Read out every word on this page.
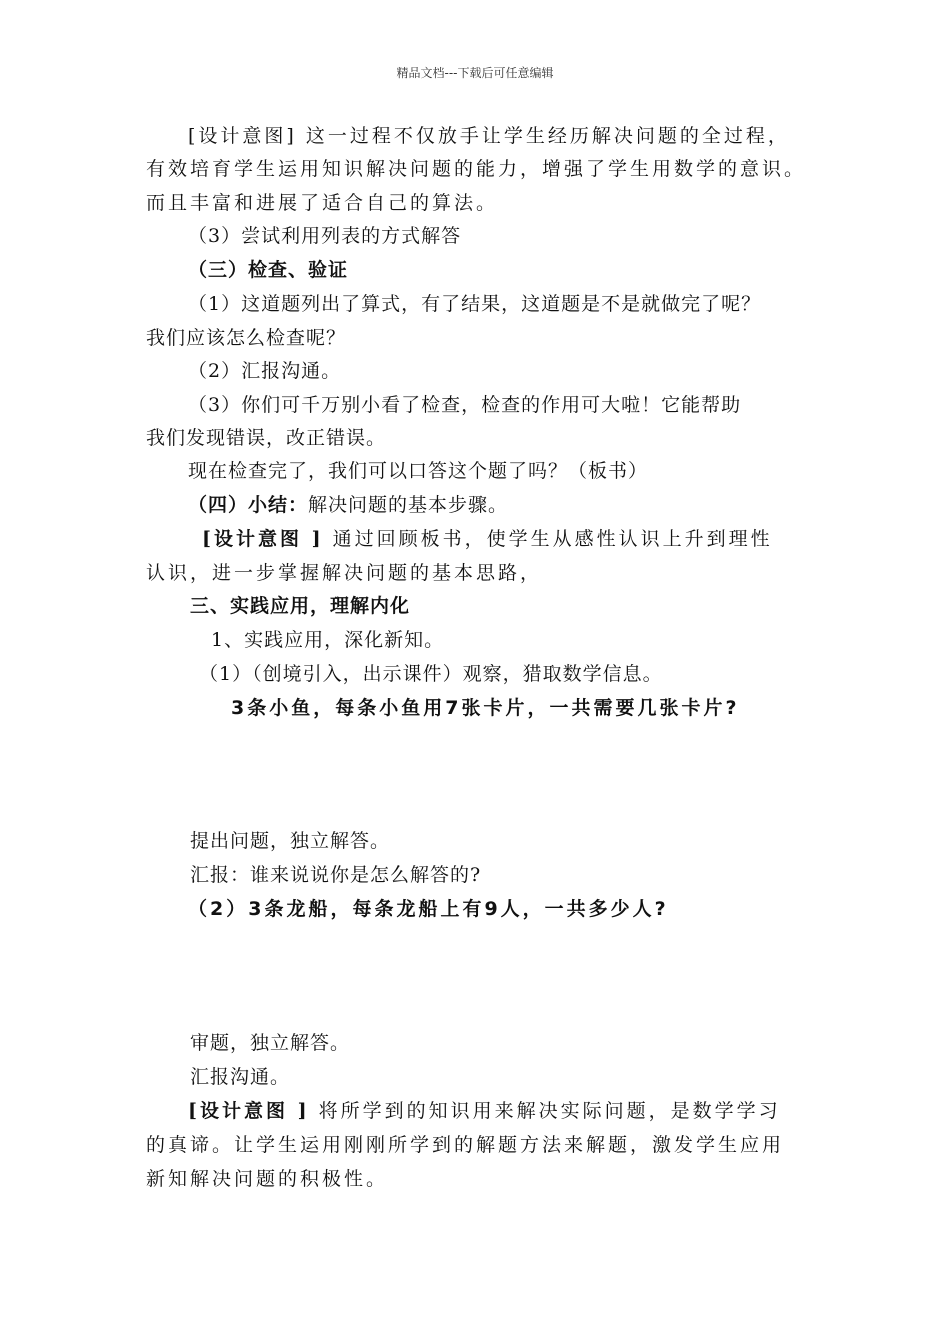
精品文档---下载后可任意编辑
[设计意图] 这一过程不仅放手让学生经历解决问题的全过程，
有效培育学生运用知识解决问题的能力，增强了学生用数学的意识。
而且丰富和进展了适合自己的算法。
（3）尝试利用列表的方式解答
（三）检查、验证
（1）这道题列出了算式，有了结果，这道题是不是就做完了呢？
我们应该怎么检查呢？
（2）汇报沟通。
（3）你们可千万别小看了检查，检查的作用可大啦！它能帮助
我们发现错误，改正错误。
现在检查完了，我们可以口答这个题了吗？（板书）
（四）小结：解决问题的基本步骤。
[设计意图 ] 通过回顾板书，使学生从感性认识上升到理性
认识，进一步掌握解决问题的基本思路，
三、实践应用，理解内化
1、实践应用，深化新知。
（1）（创境引入，出示课件）观察，猎取数学信息。
3条小鱼，每条小鱼用7张卡片，一共需要几张卡片?
提出问题，独立解答。
汇报：谁来说说你是怎么解答的?
（2）3条龙船，每条龙船上有9人，一共多少人?
审题，独立解答。
汇报沟通。
[设计意图 ] 将所学到的知识用来解决实际问题，是数学学习
的真谛。让学生运用刚刚所学到的解题方法来解题，激发学生应用
新知解决问题的积极性。
